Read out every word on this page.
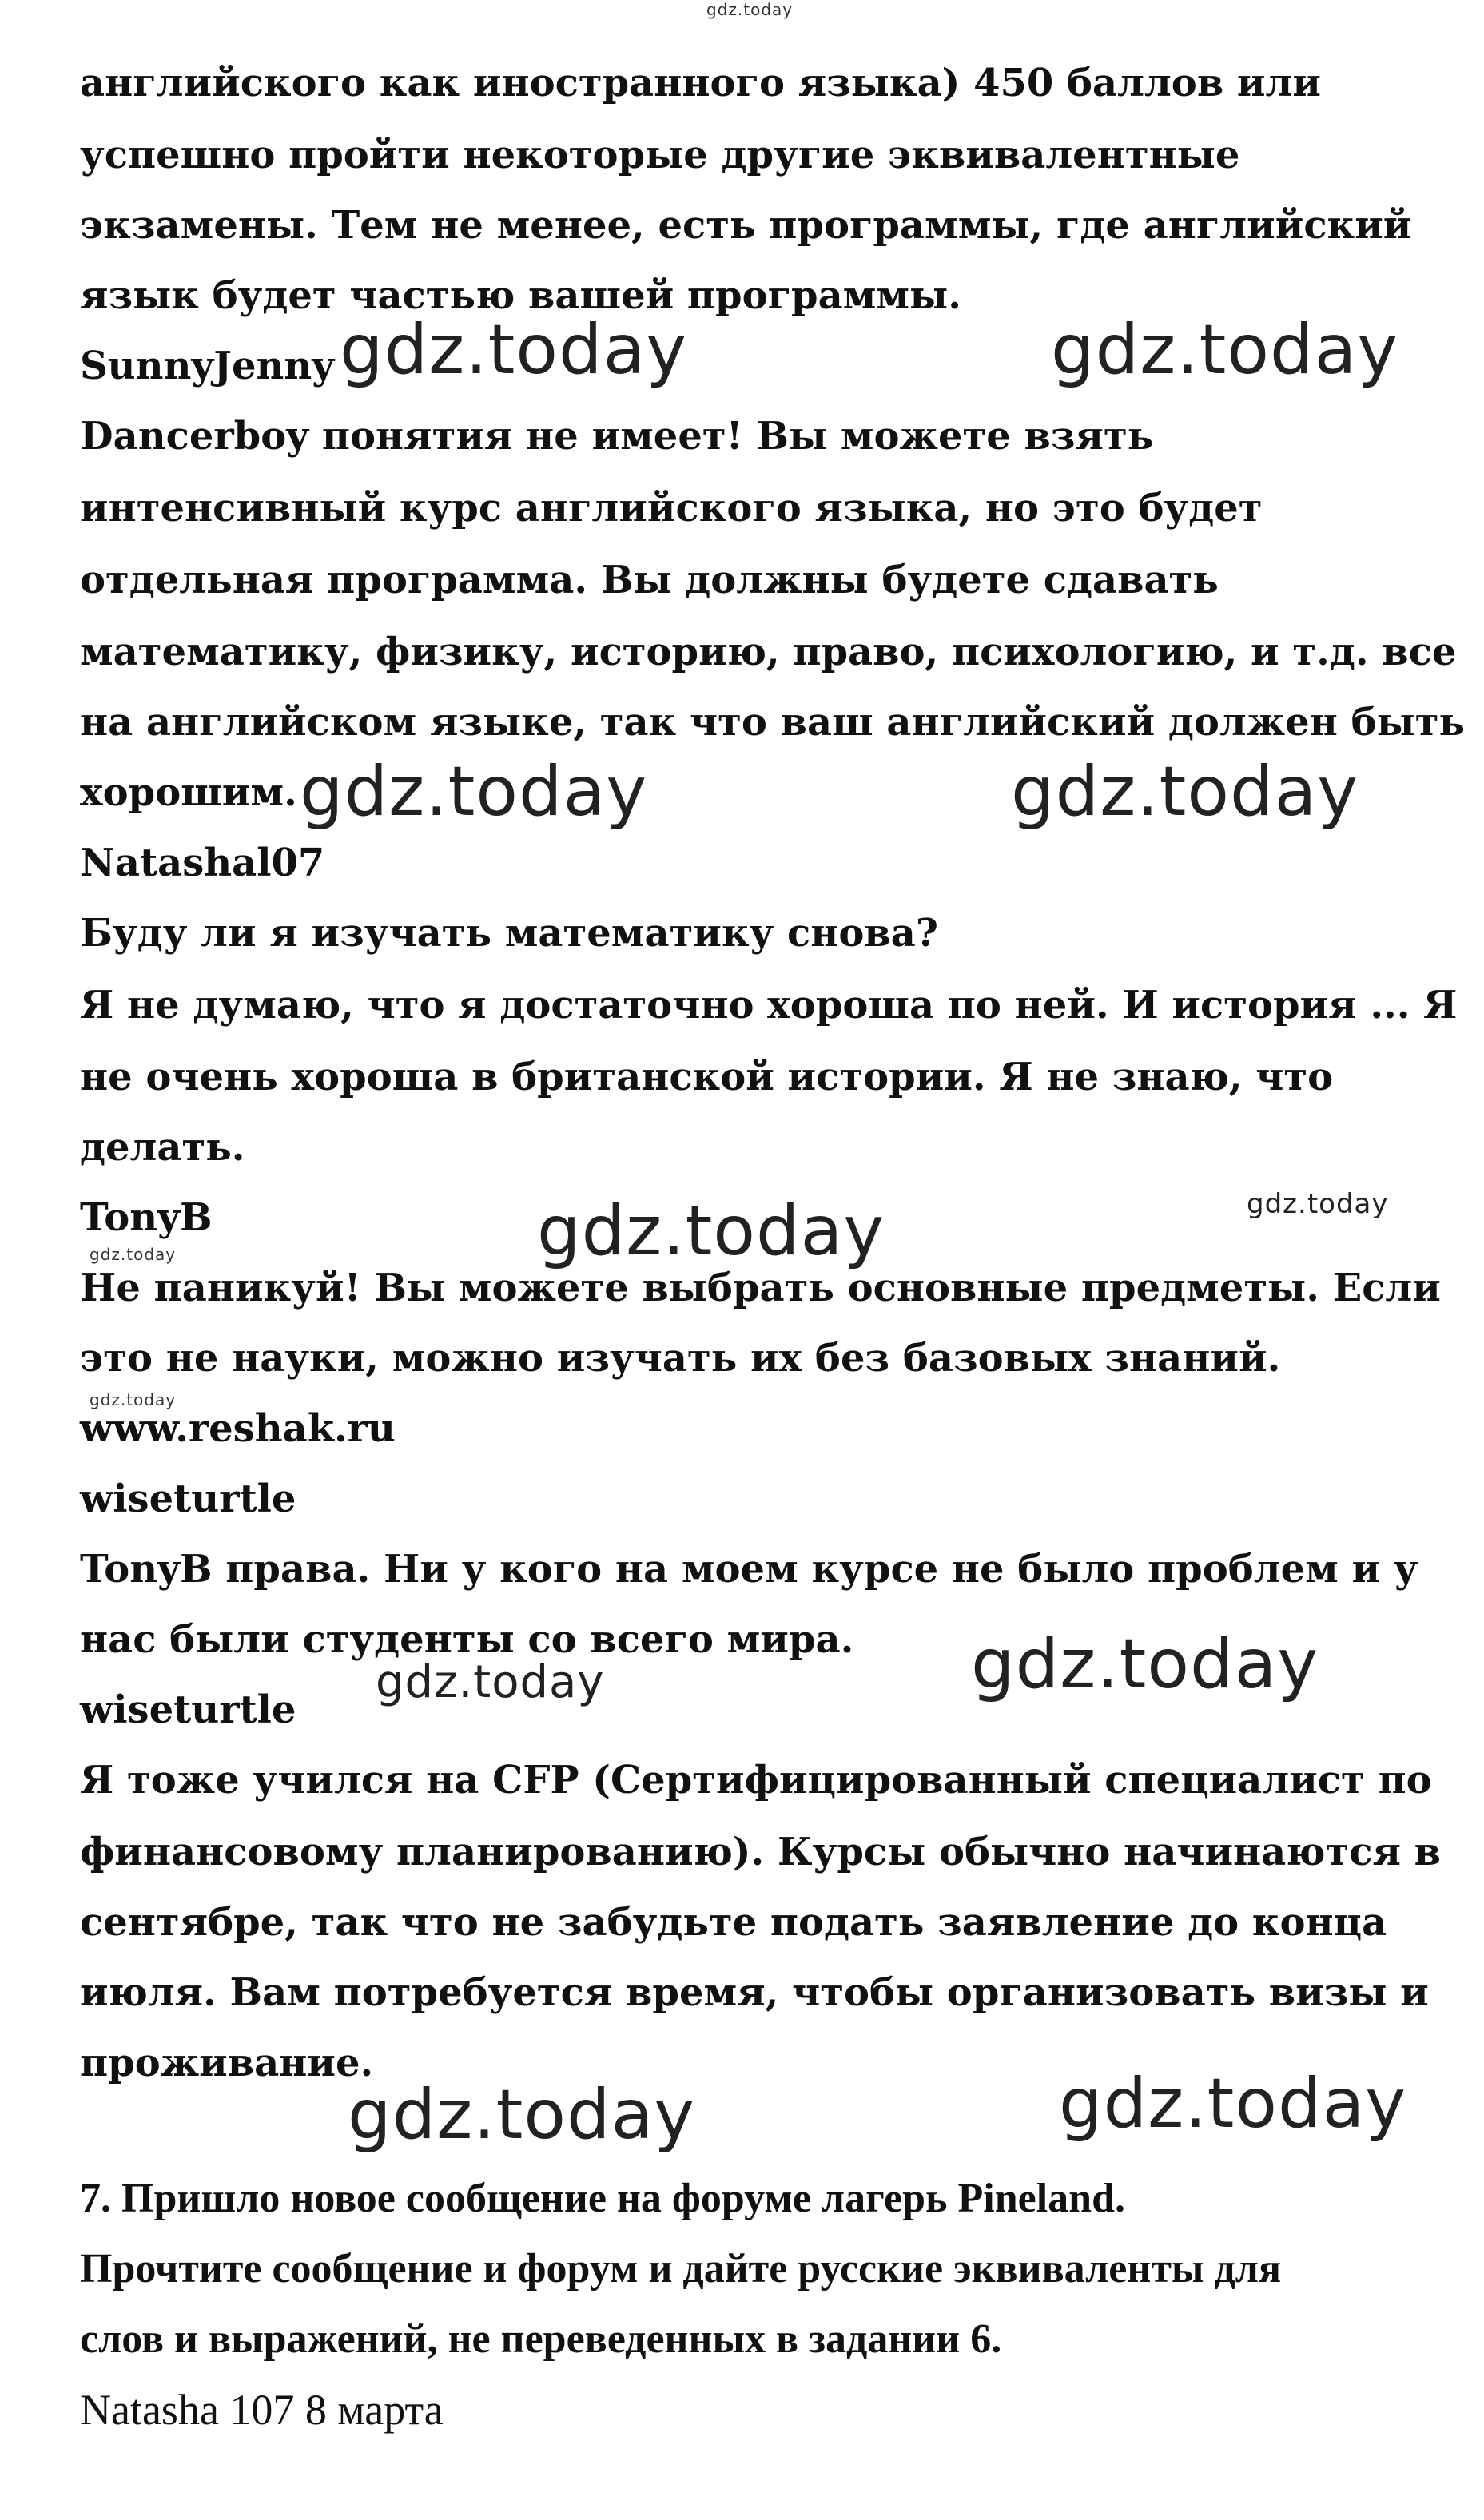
gdz.today
английского как иностранного языка) 450 баллов или
успешно пройти некоторые другие эквивалентные
экзамены. Тем не менее, есть программы, где английский
язык будет частью вашей программы.
SunnyJenny
Dancerboy понятия не имеет! Вы можете взять
интенсивный курс английского языка, но это будет
отдельная программа. Вы должны будете сдавать
математику, физику, историю, право, психологию, и т.д. все
на английском языке, так что ваш английский должен быть
хорошим.
Natashal07
Буду ли я изучать математику снова?
Я не думаю, что я достаточно хороша по ней. И история ... Я
не очень хороша в британской истории. Я не знаю, что
делать.
TonyB
Не паникуй! Вы можете выбрать основные предметы. Если
это не науки, можно изучать их без базовых знаний.
www.reshak.ru
wiseturtle
TonyB права. Ни у кого на моем курсе не было проблем и у
нас были студенты со всего мира.
wiseturtle
Я тоже учился на CFP (Сертифицированный специалист по
финансовому планированию). Курсы обычно начинаются в
сентябре, так что не забудьте подать заявление до конца
июля. Вам потребуется время, чтобы организовать визы и
проживание.
7. Пришло новое сообщение на форуме лагерь Pineland.
Прочтите сообщение и форум и дайте русские эквиваленты для
слов и выражений, не переведенных в задании 6.
Natasha 107 8 марта
gdz.today	gdz.today
gdz.today	gdz.today
gdz.today	gdz.today
gdz.today
gdz.today
gdz.today	gdz.today
gdz.today	gdz.today
